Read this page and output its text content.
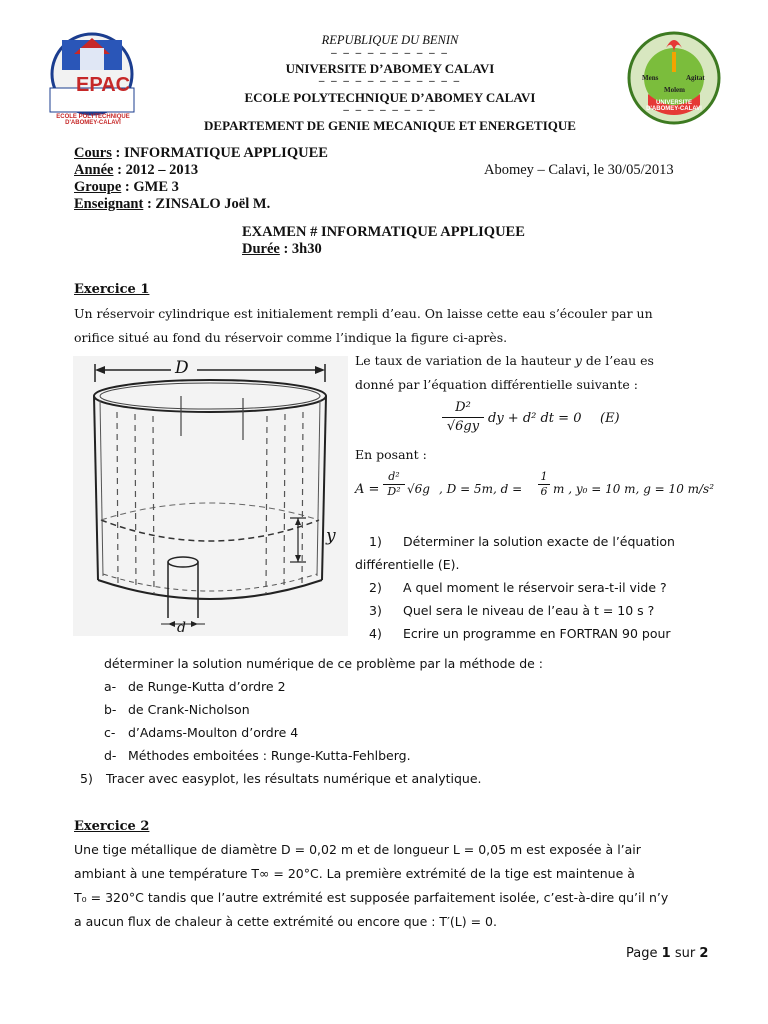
EPAC
ECOLE POLYTECHNIQUE D'ABOMEY-CALAVI
Mens	Agitat
Molem
UNIVERSITE D'ABOMEY-CALAVI
REPUBLIQUE DU BENIN
– – – – – – – – – –
UNIVERSITE D’ABOMEY CALAVI
– – – – – – – – – – – –
ECOLE POLYTECHNIQUE D’ABOMEY CALAVI
– – – – – – – –
DEPARTEMENT DE GENIE MECANIQUE ET ENERGETIQUE
Cours : INFORMATIQUE APPLIQUEE
Année : 2012 – 2013
Groupe : GME 3
Enseignant : ZINSALO Joël M.
Abomey – Calavi, le 30/05/2013
EXAMEN # INFORMATIQUE APPLIQUEE
Durée : 3h30
Exercice 1
Un réservoir cylindrique est initialement rempli d’eau. On laisse cette eau s’écouler par un
orifice situé au fond du réservoir comme l’indique la figure ci-après.
D
d
y
Le taux de variation de la hauteur 𝑦 de l’eau es
donné par l’équation différentielle suivante :
D²
√6gy
dy + d² dt = 0 (E)
En posant :
A =
d²
D² √6g , D = 5m, d =
1
6 m , y₀ = 10 m, g = 10 m/s²
1)	Déterminer la solution exacte de l’équation
différentielle (E).
2)	A quel moment le réservoir sera-t-il vide ?
3)	Quel sera le niveau de l’eau à t = 10 s ?
4)	Ecrire un programme en FORTRAN 90 pour
déterminer la solution numérique de ce problème par la méthode de :
a- de Runge-Kutta d’ordre 2
b- de Crank-Nicholson
c-	d’Adams-Moulton d’ordre 4
d- Méthodes emboitées : Runge-Kutta-Fehlberg.
5)	Tracer avec easyplot, les résultats numérique et analytique.
Exercice 2
Une tige métallique de diamètre D = 0,02 m et de longueur L = 0,05 m est exposée à l’air
ambiant à une température T∞ = 20°C. La première extrémité de la tige est maintenue à
T₀ = 320°C tandis que l’autre extrémité est supposée parfaitement isolée, c’est-à-dire qu’il n’y
a aucun flux de chaleur à cette extrémité ou encore que : T′(L) = 0.
Page 1 sur 2
